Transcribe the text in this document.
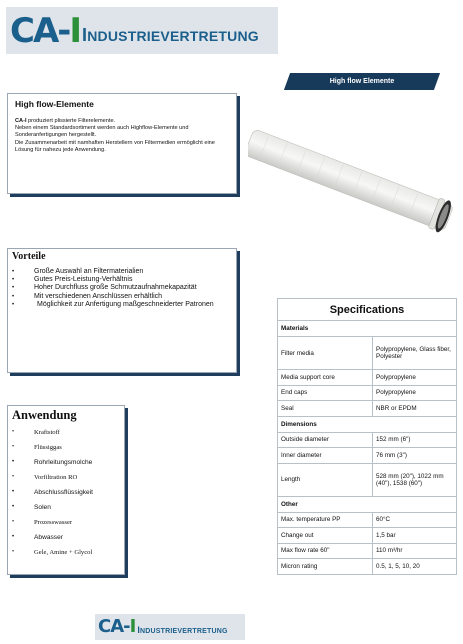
CA-I INDUSTRIEVERTRETUNG
High flow Elemente
High flow-Elemente

CA-I produziert plissierte Filterelemente.
Neben einem Standardsortiment werden auch Highflow-Elemente und Sonderanfertigungen hergestellt.
Die Zusammenarbeit mit namhaften Herstellern von Filtermedien ermöglicht eine Lösung für nahezu jede Anwendung.

Vorteile
•	Große Auswahl an Filtermaterialien
•	Gutes Preis-Leistung-Verhältnis
•	Hoher Durchfluss große Schmutzaufnahmekapazität
•	Mit verschiedenen Anschlüssen erhältlich
•	Möglichkeit zur Anfertigung maßgeschneiderter Patronen
Anwendung
•	Kraftstoff
•	Flüssiggas
•	Rohrleitungsmolche
•	Vorfiltration RO
•	Abschlussflüssigkeit
•	Solen
•	Prozesswasser
•	Abwasser
•	Gele, Amine + Glycol
Specifications	
Materials	
Filter media	Polypropylene, Glass fiber, Polyester
Media support core	Polypropylene
End caps	Polypropylene
Seal	NBR or EPDM
Dimensions	
Outside diameter	152 mm (6")
Inner diameter	76 mm (3")
Length	528 mm (20"), 1022 mm (40"), 1538 (60")
Other	
Max. temperature PP	60°C
Change out	1,5 bar
Max flow rate 60"	110 m³/hr
Micron rating	0.5, 1, 5, 10, 20
CA-I INDUSTRIEVERTRETUNG
